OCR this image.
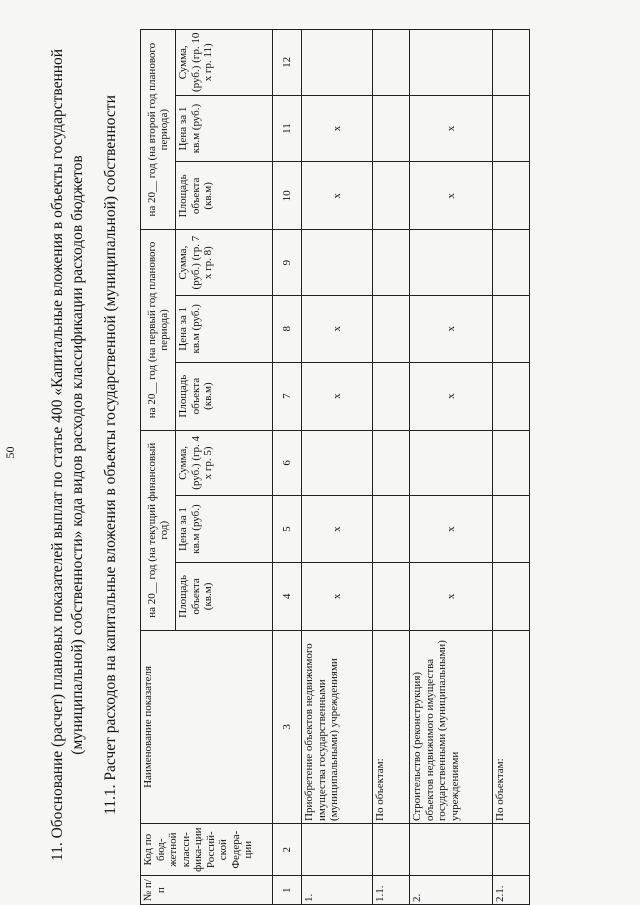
50 11. Обоснование (расчет) плановых показателей выплат по статье 400 «Капитальные вложения в объекты государственной (муниципальной) собственности» кода видов расходов классификации расходов бюджетов 11.1. Расчет расходов на капитальные вложения в объекты государственной (муниципальной) собственности
№ п/п	Код по бюд-жетной класси-фика-ции Россий-ской Федера-ции	Наименование показателя	на 20__ год (на текущий финансовый год)			на 20__ год (на первый год планового периода)			на 20__ год (на второй год планового периода)		
			Площадь объекта (кв.м)	Цена за 1 кв.м (руб.)	Сумма, (руб.) (гр. 4 x гр. 5)	Площадь объекта (кв.м)	Цена за 1 кв.м (руб.)	Сумма, (руб.) (гр. 7 x гр. 8)	Площадь объекта (кв.м)	Цена за 1 кв.м (руб.)	Сумма, (руб.) (гр. 10 x гр. 11)
1	2	3	4	5	6	7	8	9	10	11	12
1.		Приобретение объектов недвижимого имущества государственными (муниципальными) учреждениями	x	x		x	x		x	x	
1.1.		По объектам:									
2.		Строительство (реконструкция) объектов недвижимого имущества государственными (муниципальными) учреждениями	x	x		x	x		x	x	
2.1.		По объектам:									
